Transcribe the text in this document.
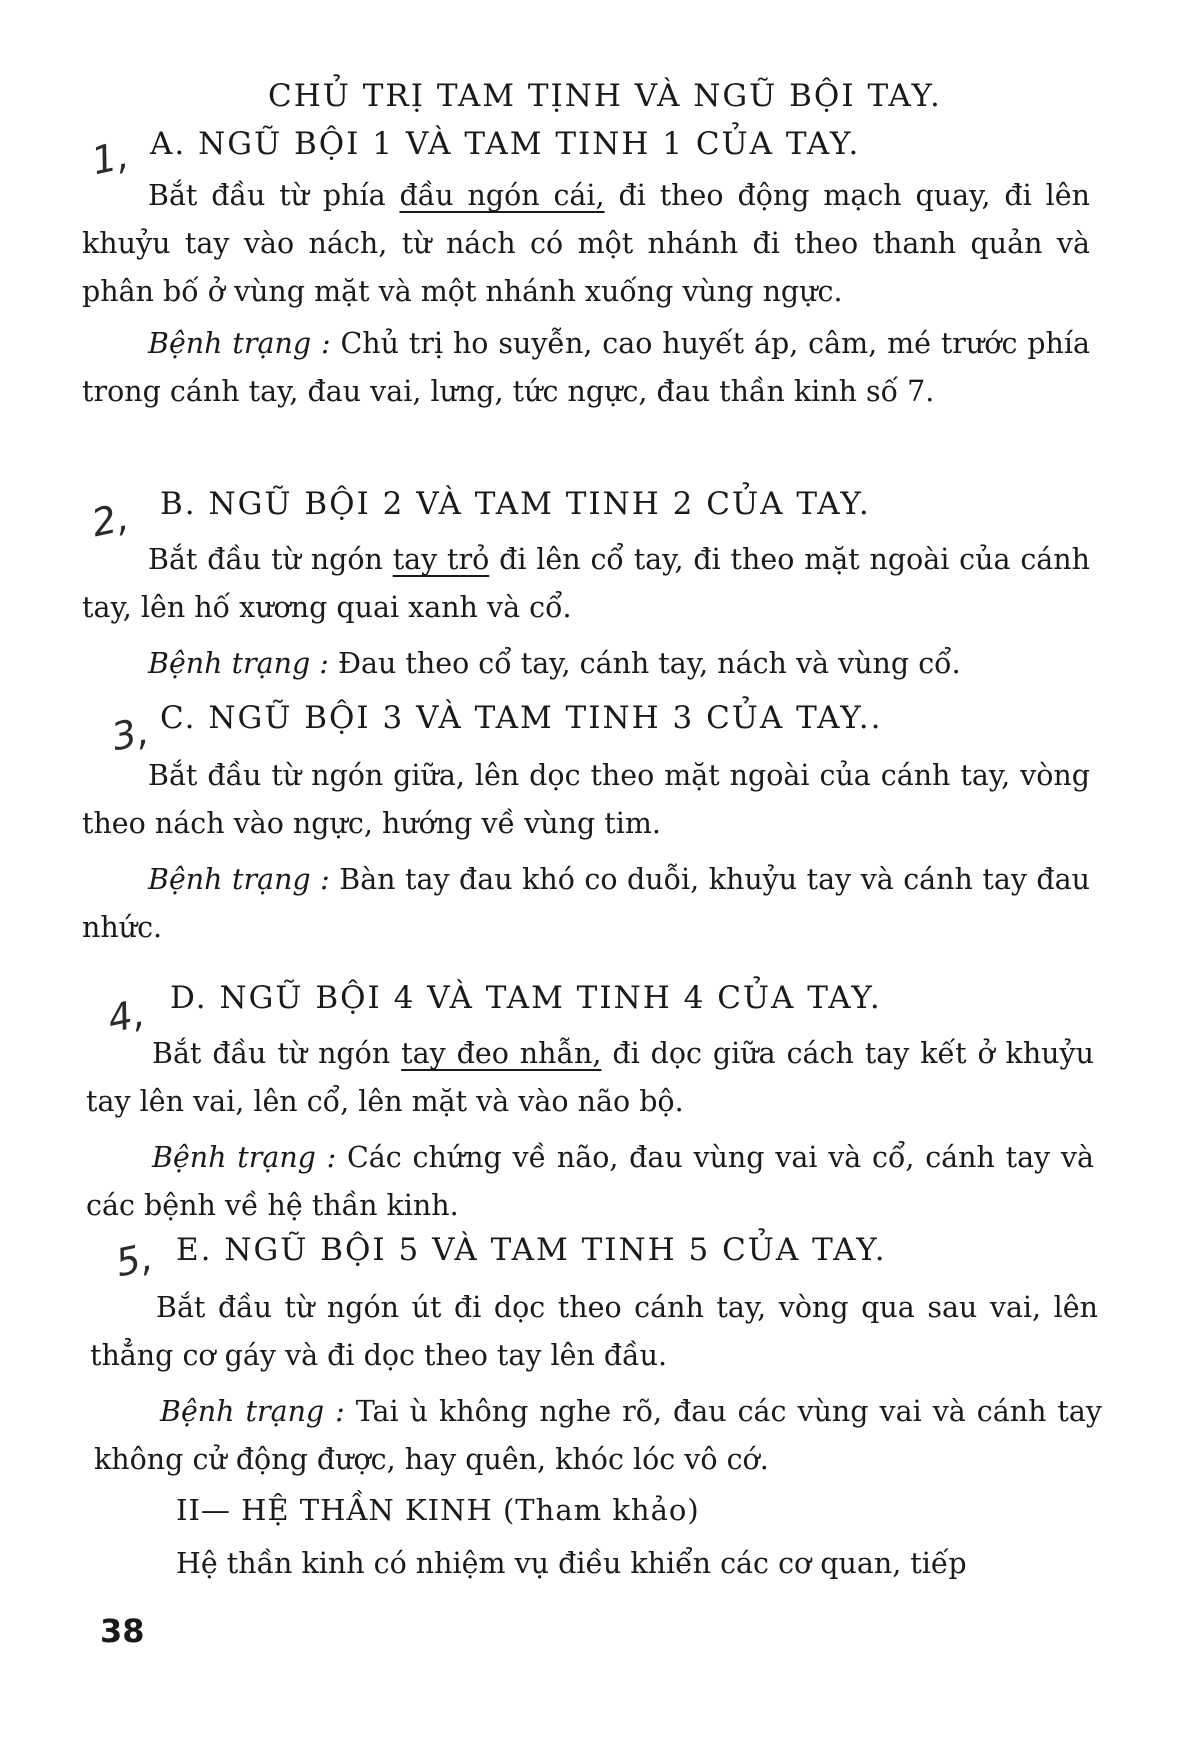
CHỦ TRỊ TAM TỊNH VÀ NGŨ BỘI TAY.
1, A. NGŨ BỘI 1 VÀ TAM TINH 1 CỦA TAY.
Bắt đầu từ phía đầu ngón cái, đi theo động mạch quay, đi lên khuỷu tay vào nách, từ nách có một nhánh đi theo thanh quản và phân bố ở vùng mặt và một nhánh xuống vùng ngực.
Bệnh trạng : Chủ trị ho suyễn, cao huyết áp, câm, mé trước phía trong cánh tay, đau vai, lưng, tức ngực, đau thần kinh số 7.
2, B. NGŨ BỘI 2 VÀ TAM TINH 2 CỦA TAY.
Bắt đầu từ ngón tay trỏ đi lên cổ tay, đi theo mặt ngoài của cánh tay, lên hố xương quai xanh và cổ.
Bệnh trạng : Đau theo cổ tay, cánh tay, nách và vùng cổ.
3, C. NGŨ BỘI 3 VÀ TAM TINH 3 CỦA TAY..
Bắt đầu từ ngón giữa, lên dọc theo mặt ngoài của cánh tay, vòng theo nách vào ngực, hướng về vùng tim.
Bệnh trạng : Bàn tay đau khó co duỗi, khuỷu tay và cánh tay đau nhức.
4, D. NGŨ BỘI 4 VÀ TAM TINH 4 CỦA TAY.
Bắt đầu từ ngón tay đeo nhẫn, đi dọc giữa cách tay kết ở khuỷu tay lên vai, lên cổ, lên mặt và vào não bộ.
Bệnh trạng : Các chứng về não, đau vùng vai và cổ, cánh tay và các bệnh về hệ thần kinh.
5, E. NGŨ BỘI 5 VÀ TAM TINH 5 CỦA TAY.
Bắt đầu từ ngón út đi dọc theo cánh tay, vòng qua sau vai, lên thẳng cơ gáy và đi dọc theo tay lên đầu.
Bệnh trạng : Tai ù không nghe rõ, đau các vùng vai và cánh tay không cử động được, hay quên, khóc lóc vô cớ.
II— HỆ THẦN KINH (Tham khảo)
Hệ thần kinh có nhiệm vụ điều khiển các cơ quan, tiếp
38
